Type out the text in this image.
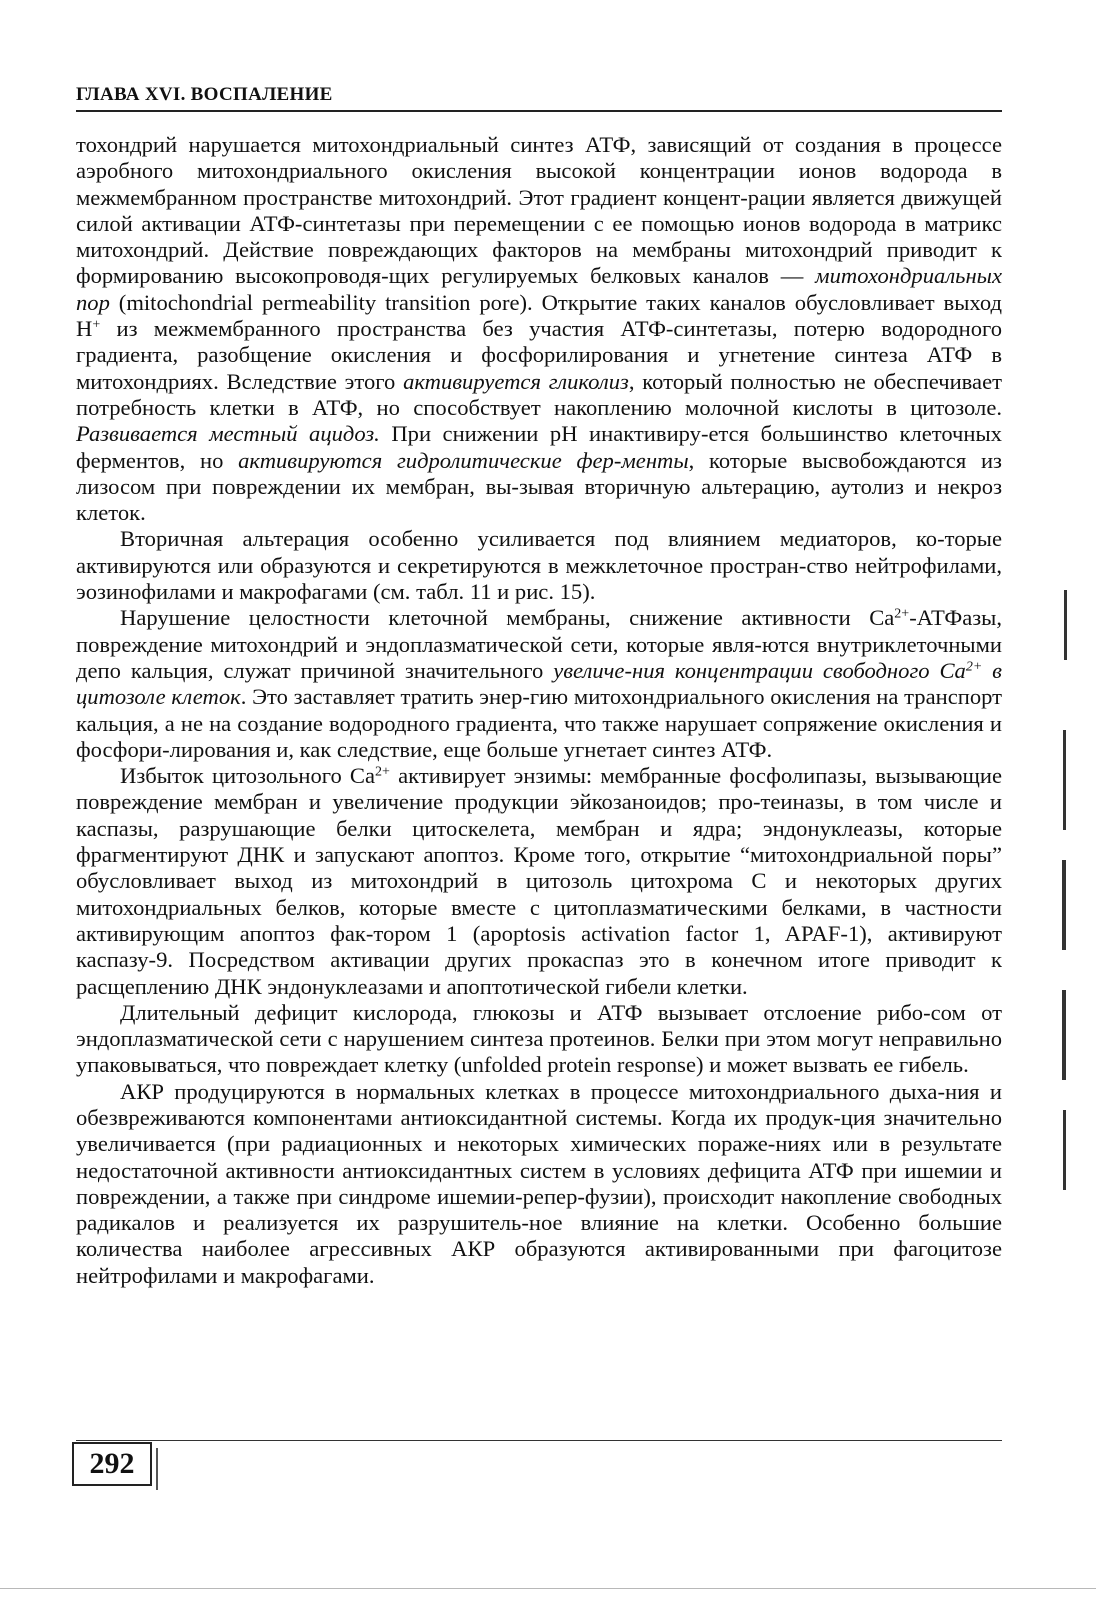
ГЛАВА XVI. ВОСПАЛЕНИЕ

тохондрий нарушается митохондриальный синтез АТФ, зависящий от создания в процессе аэробного митохондриального окисления высокой концентрации ионов водорода в межмембранном пространстве митохондрий. Этот градиент концент-рации является движущей силой активации АТФ-синтетазы при перемещении с ее помощью ионов водорода в матрикс митохондрий. Действие повреждающих факторов на мембраны митохондрий приводит к формированию высокопроводя-щих регулируемых белковых каналов — митохондриальных пор (mitochondrial permeability transition pore). Открытие таких каналов обусловливает выход H+ из межмембранного пространства без участия АТФ-синтетазы, потерю водородного градиента, разобщение окисления и фосфорилирования и угнетение синтеза АТФ в митохондриях. Вследствие этого активируется гликолиз, который полностью не обеспечивает потребность клетки в АТФ, но способствует накоплению молочной кислоты в цитозоле. Развивается местный ацидоз. При снижении рН инактивиру-ется большинство клеточных ферментов, но активируются гидролитические фер-менты, которые высвобождаются из лизосом при повреждении их мембран, вы-зывая вторичную альтерацию, аутолиз и некроз клеток.

Вторичная альтерация особенно усиливается под влиянием медиаторов, ко-торые активируются или образуются и секретируются в межклеточное простран-ство нейтрофилами, эозинофилами и макрофагами (см. табл. 11 и рис. 15).

Нарушение целостности клеточной мембраны, снижение активности $Ca^{2+}$-АТФазы, повреждение митохондрий и эндоплазматической сети, которые явля-ются внутриклеточными депо кальция, служат причиной значительного увеличе-ния концентрации свободного $Ca^{2+}$ в цитозоле клеток. Это заставляет тратить энер-гию митохондриального окисления на транспорт кальция, а не на создание водородного градиента, что также нарушает сопряжение окисления и фосфори-лирования и, как следствие, еще больше угнетает синтез АТФ.

Избыток цитозольного $Ca^{2+}$ активирует энзимы: мембранные фосфолипазы, вызывающие повреждение мембран и увеличение продукции эйкозаноидов; про-теиназы, в том числе и каспазы, разрушающие белки цитоскелета, мембран и ядра; эндонуклеазы, которые фрагментируют ДНК и запускают апоптоз. Кроме того, открытие “митохондриальной поры” обусловливает выход из митохондрий в цитозоль цитохрома С и некоторых других митохондриальных белков, которые вместе с цитоплазматическими белками, в частности активирующим апоптоз фак-тором 1 (apoptosis activation factor 1, APAF-1), активируют каспазу-9. Посредством активации других прокаспаз это в конечном итоге приводит к расщеплению ДНК эндонуклеазами и апоптотической гибели клетки.

Длительный дефицит кислорода, глюкозы и АТФ вызывает отслоение рибо-сом от эндоплазматической сети с нарушением синтеза протеинов. Белки при этом могут неправильно упаковываться, что повреждает клетку (unfolded protein response) и может вызвать ее гибель.

АКР продуцируются в нормальных клетках в процессе митохондриального дыха-ния и обезвреживаются компонентами антиоксидантной системы. Когда их продук-ция значительно увеличивается (при радиационных и некоторых химических пораже-ниях или в результате недостаточной активности антиоксидантных систем в условиях дефицита АТФ при ишемии и повреждении, а также при синдроме ишемии-репер-фузии), происходит накопление свободных радикалов и реализуется их разрушитель-ное влияние на клетки. Особенно большие количества наиболее агрессивных АКР образуются активированными при фагоцитозе нейтрофилами и макрофагами.

292
